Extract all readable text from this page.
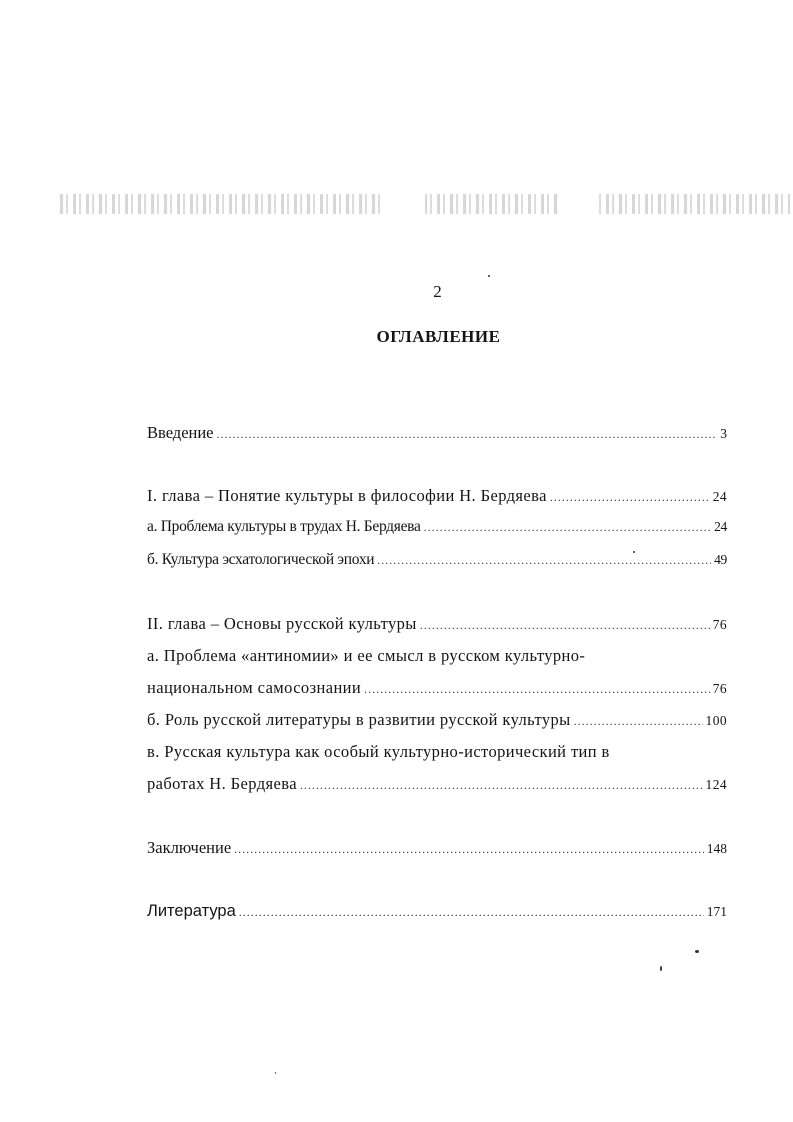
2
ОГЛАВЛЕНИЕ
Введение .....	3
I. глава – Понятие культуры в философии Н. Бердяева .....	24
а. Проблема культуры в трудах Н. Бердяева .....	24
б. Культура эсхатологической эпохи .....	49
II. глава – Основы русской культуры .....	76
а. Проблема «антиномии» и ее смысл в русском культурно-
национальном самосознании .....	76
б. Роль русской литературы в развитии русской культуры .....	100
в. Русская культура как особый культурно-исторический тип в
работах Н. Бердяева .....	124
Заключение .....	148
Литература .....	171
